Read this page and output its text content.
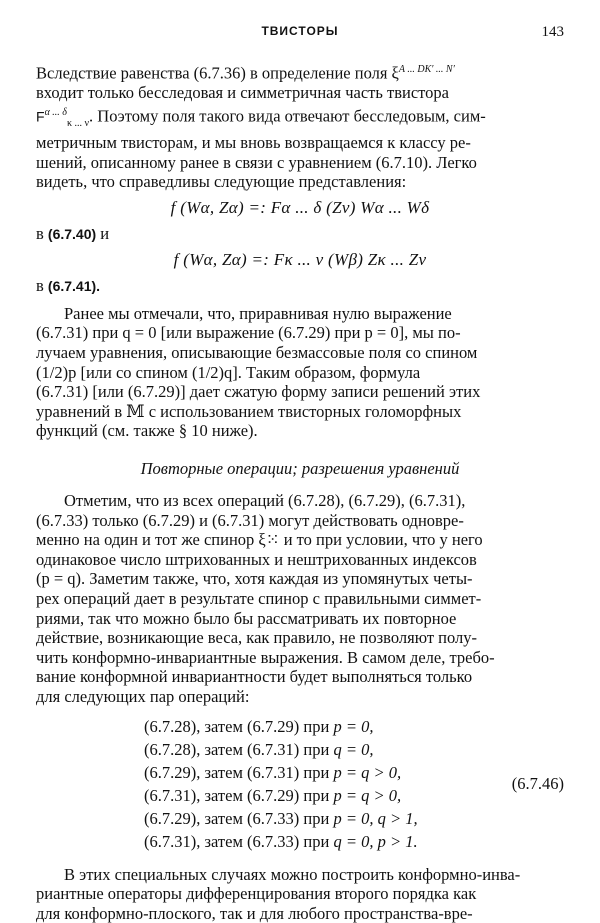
ТВИСТОРЫ	143

Вследствие равенства (6.7.36) в определение поля $\xi^{A ... DK' ... N'}$
входит только бесследовая и симметричная часть твистора
$F^{\alpha ... \delta}_{\kappa ... \nu}$. Поэтому поля такого вида отвечают бесследовым, сим-
метричным твисторам, и мы вновь возвращаемся к классу ре-
шений, описанному ранее в связи с уравнением (6.7.10). Легко
видеть, что справедливы следующие представления:

f (Wα, Zα) =: Fα ... δ (Zν) Wα ... Wδ
в (6.7.40) и
f (Wα, Zα) =: Fκ ... ν (Wβ) Zκ ... Zν
в (6.7.41).

Ранее мы отмечали, что, приравнивая нулю выражение
(6.7.31) при q = 0 [или выражение (6.7.29) при p = 0], мы по-
лучаем уравнения, описывающие безмассовые поля со спином
(1/2)p [или со спином (1/2)q]. Таким образом, формула
(6.7.31) [или (6.7.29)] дает сжатую форму записи решений этих
уравнений в 𝕄 с использованием твисторных голоморфных
функций (см. также § 10 ниже).

Повторные операции; разрешения уравнений

Отметим, что из всех операций (6.7.28), (6.7.29), (6.7.31),
(6.7.33) только (6.7.29) и (6.7.31) могут действовать одновре-
менно на один и тот же спинор ξ⁙ и то при условии, что у него
одинаковое число штрихованных и нештрихованных индексов
(p = q). Заметим также, что, хотя каждая из упомянутых четы-
рех операций дает в результате спинор с правильными симмет-
риями, так что можно было бы рассматривать их повторное
действие, возникающие веса, как правило, не позволяют полу-
чить конформно-инвариантные выражения. В самом деле, требо-
вание конформной инвариантности будет выполняться только
для следующих пар операций:

(6.7.28), затем (6.7.29) при p = 0,
(6.7.28), затем (6.7.31) при q = 0,
(6.7.29), затем (6.7.31) при p = q > 0,
(6.7.31), затем (6.7.29) при p = q > 0,
(6.7.29), затем (6.7.33) при p = 0, q > 1,
(6.7.31), затем (6.7.33) при q = 0, p > 1.
(6.7.46)

В этих специальных случаях можно построить конформно-инва-
риантные операторы дифференцирования второго порядка как
для конформно-плоского, так и для любого пространства-вре-
